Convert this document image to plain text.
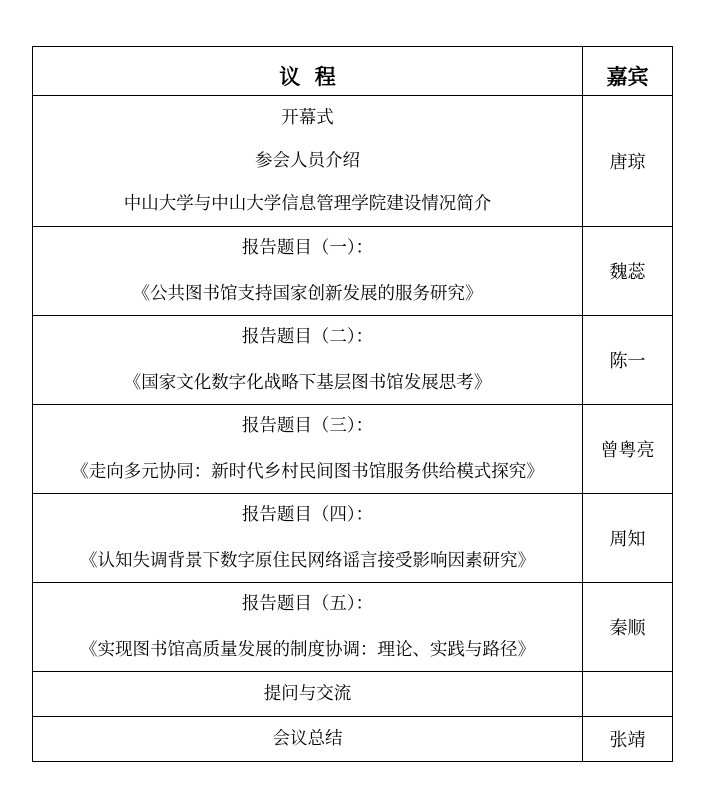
议  程	嘉宾

开幕式
参会人员介绍
中山大学与中山大学信息管理学院建设情况简介	唐琼

报告题目（一）：
《公共图书馆支持国家创新发展的服务研究》	魏蕊

报告题目（二）：
《国家文化数字化战略下基层图书馆发展思考》	陈一

报告题目（三）：
《走向多元协同：新时代乡村民间图书馆服务供给模式探究》	曾粤亮

报告题目（四）：
《认知失调背景下数字原住民网络谣言接受影响因素研究》	周知

报告题目（五）：
《实现图书馆高质量发展的制度协调：理论、实践与路径》	秦顺

提问与交流	

会议总结	张靖
